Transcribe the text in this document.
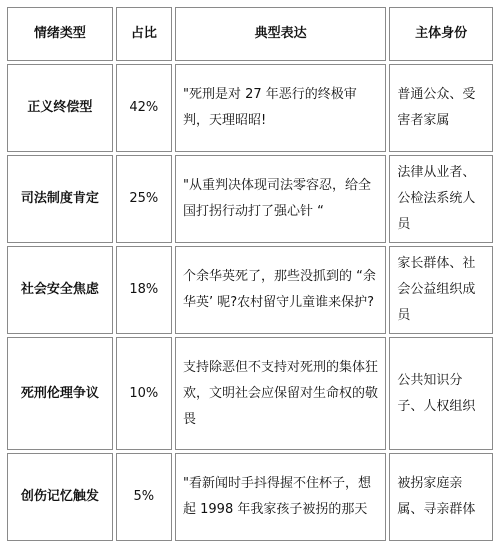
情绪类型	占比	典型表达	主体身份
正义终偿型	42%	"死刑是对 27 年恶行的终极审判，天理昭昭!	普通公众、受害者家属
司法制度肯定	25%	"从重判决体现司法零容忍，给全国打拐行动打了强心针 “	法律从业者、公检法系统人员
社会安全焦虑	18%	个余华英死了，那些没抓到的 “余华英’ 呢?农村留守儿童谁来保护?	家长群体、社会公益组织成员
死刑伦理争议	10%	支持除恶但不支持对死刑的集体狂欢，文明社会应保留对生命权的敬畏	公共知识分子、人权组织
创伤记忆触发	5%	"看新闻时手抖得握不住杯子，想 起 1998 年我家孩子被拐的那天	被拐家庭亲属、寻亲群体
